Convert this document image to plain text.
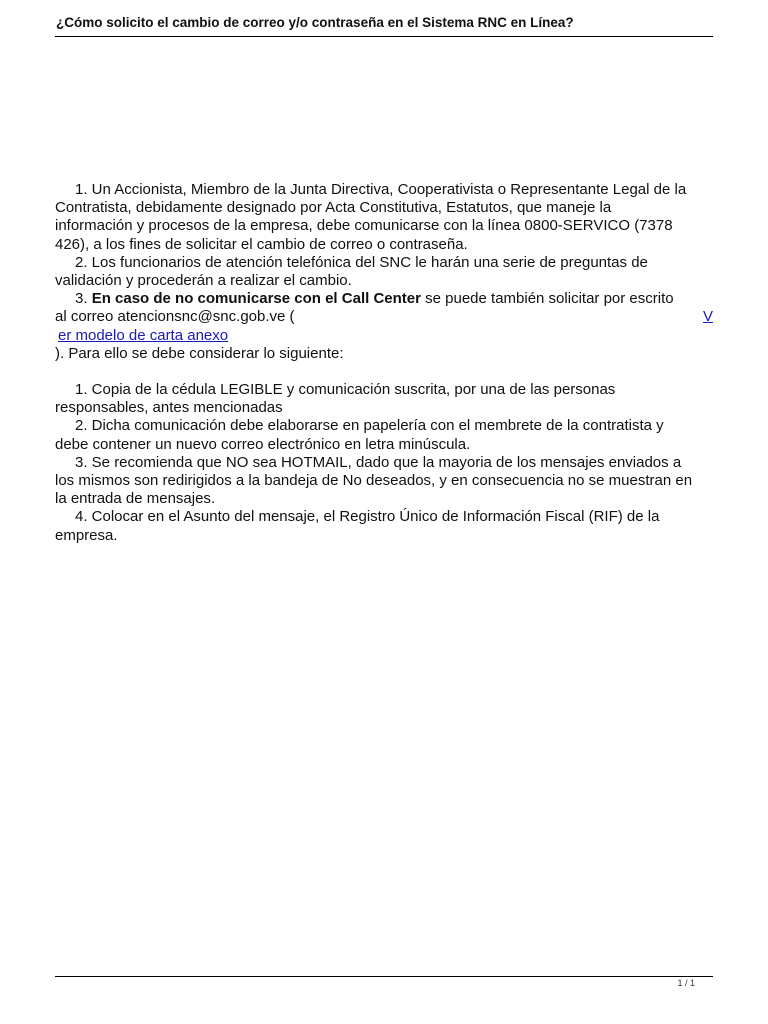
¿Cómo solicito el cambio de correo y/o contraseña en el Sistema RNC en Línea?
1. Un Accionista, Miembro de la Junta Directiva, Cooperativista o Representante Legal de la
Contratista, debidamente designado por Acta Constitutiva, Estatutos, que maneje la
información y procesos de la empresa, debe comunicarse con la línea 0800-SERVICO (7378
426), a los fines de solicitar el cambio de correo o contraseña.
2. Los funcionarios de atención telefónica del SNC le harán una serie de preguntas de
validación y procederán a realizar el cambio.
3. En caso de no comunicarse con el Call Center se puede también solicitar por escrito
al correo atencionsnc@snc.gob.ve (	V
er modelo de carta anexo
). Para ello se debe considerar lo siguiente:
1. Copia de la cédula LEGIBLE y comunicación suscrita, por una de las personas
responsables, antes mencionadas
2. Dicha comunicación debe elaborarse en papelería con el membrete de la contratista y
debe contener un nuevo correo electrónico en letra minúscula.
3. Se recomienda que NO sea HOTMAIL, dado que la mayoria de los mensajes enviados a
los mismos son redirigidos a la bandeja de No deseados, y en consecuencia no se muestran en
la entrada de mensajes.
4. Colocar en el Asunto del mensaje, el Registro Único de Información Fiscal (RIF) de la
empresa.
1 / 1
